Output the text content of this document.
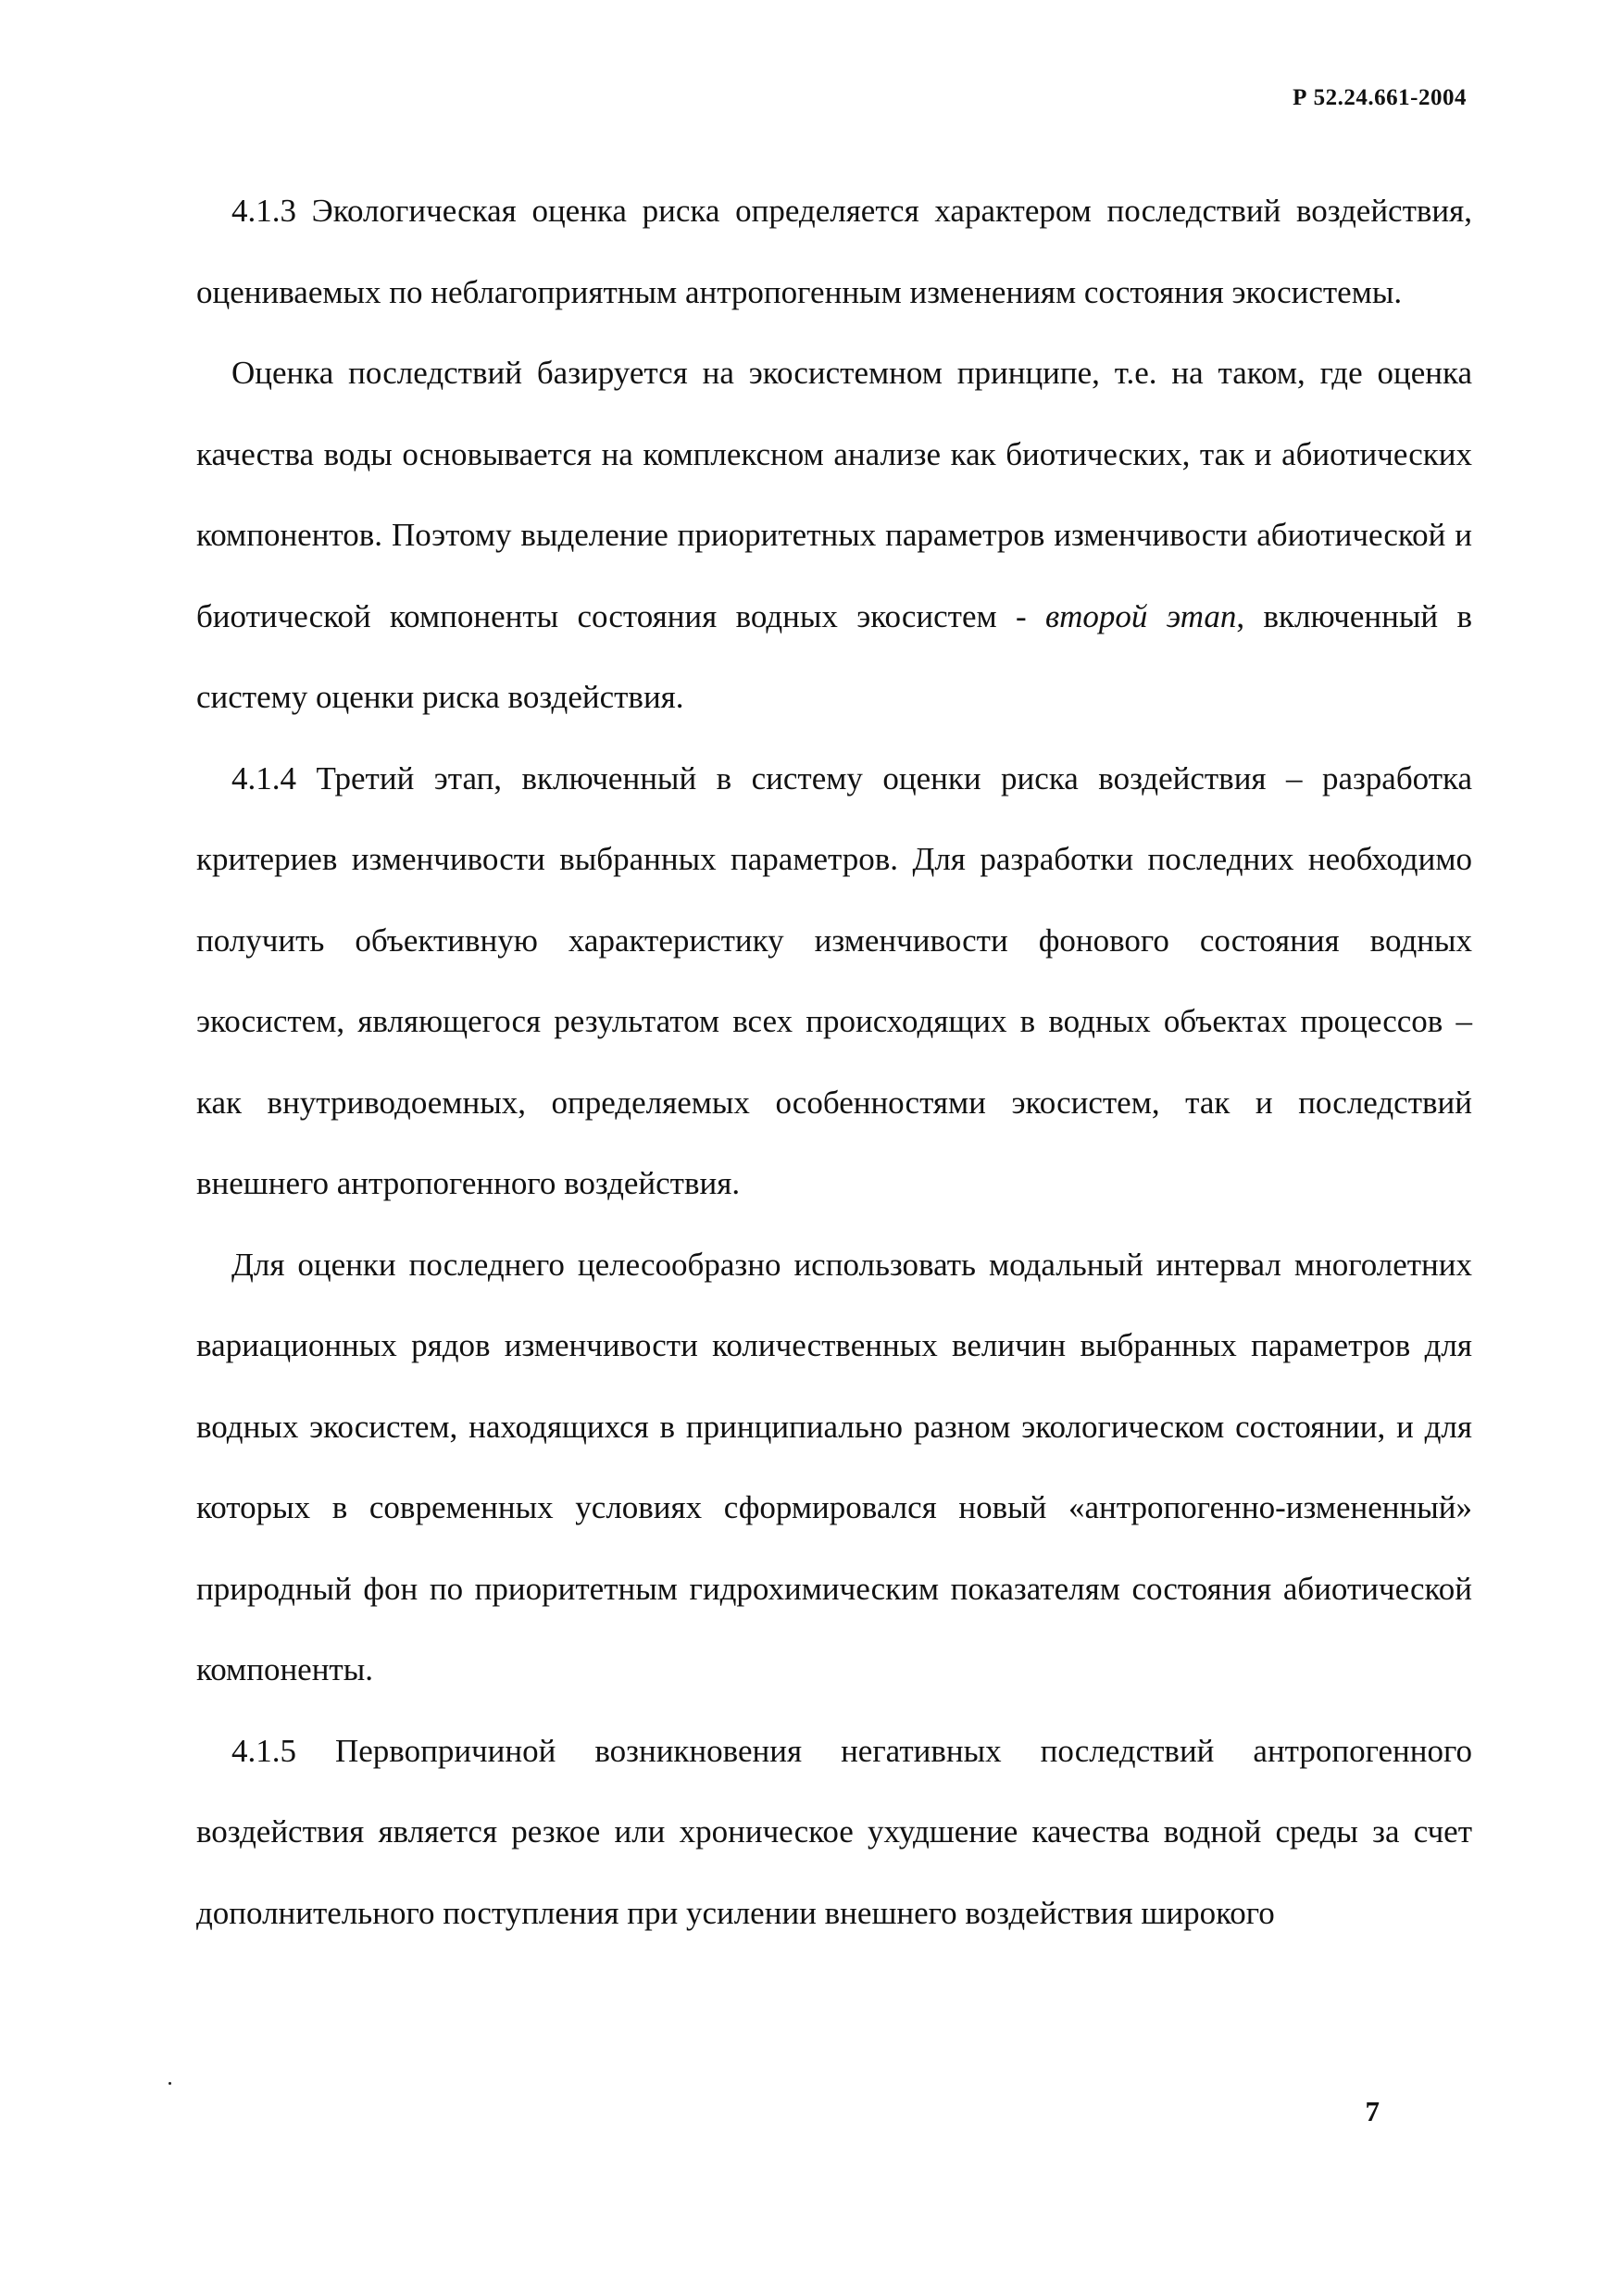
Р 52.24.661-2004

4.1.3 Экологическая оценка риска определяется характером последствий воздействия, оцениваемых по неблагоприятным антропогенным изменениям состояния экосистемы.

Оценка последствий базируется на экосистемном принципе, т.е. на таком, где оценка качества воды основывается на комплексном анализе как биотических, так и абиотических компонентов. Поэтому выделение приоритетных параметров изменчивости абиотической и биотической компоненты состояния водных экосистем - второй этап, включенный в систему оценки риска воздействия.

4.1.4 Третий этап, включенный в систему оценки риска воздействия – разработка критериев изменчивости выбранных параметров. Для разработки последних необходимо получить объективную характеристику изменчивости фонового состояния водных экосистем, являющегося результатом всех происходящих в водных объектах процессов – как внутриводоемных, определяемых особенностями экосистем, так и последствий внешнего антропогенного воздействия.

Для оценки последнего целесообразно использовать модальный интервал многолетних вариационных рядов изменчивости количественных величин выбранных параметров для водных экосистем, находящихся в принципиально разном экологическом состоянии, и для которых в современных условиях сформировался новый «антропогенно-измененный» природный фон по приоритетным гидрохимическим показателям состояния абиотической компоненты.

4.1.5 Первопричиной возникновения негативных последствий антропогенного воздействия является резкое или хроническое ухудшение качества водной среды за счет дополнительного поступления при усилении внешнего воздействия широкого

7
